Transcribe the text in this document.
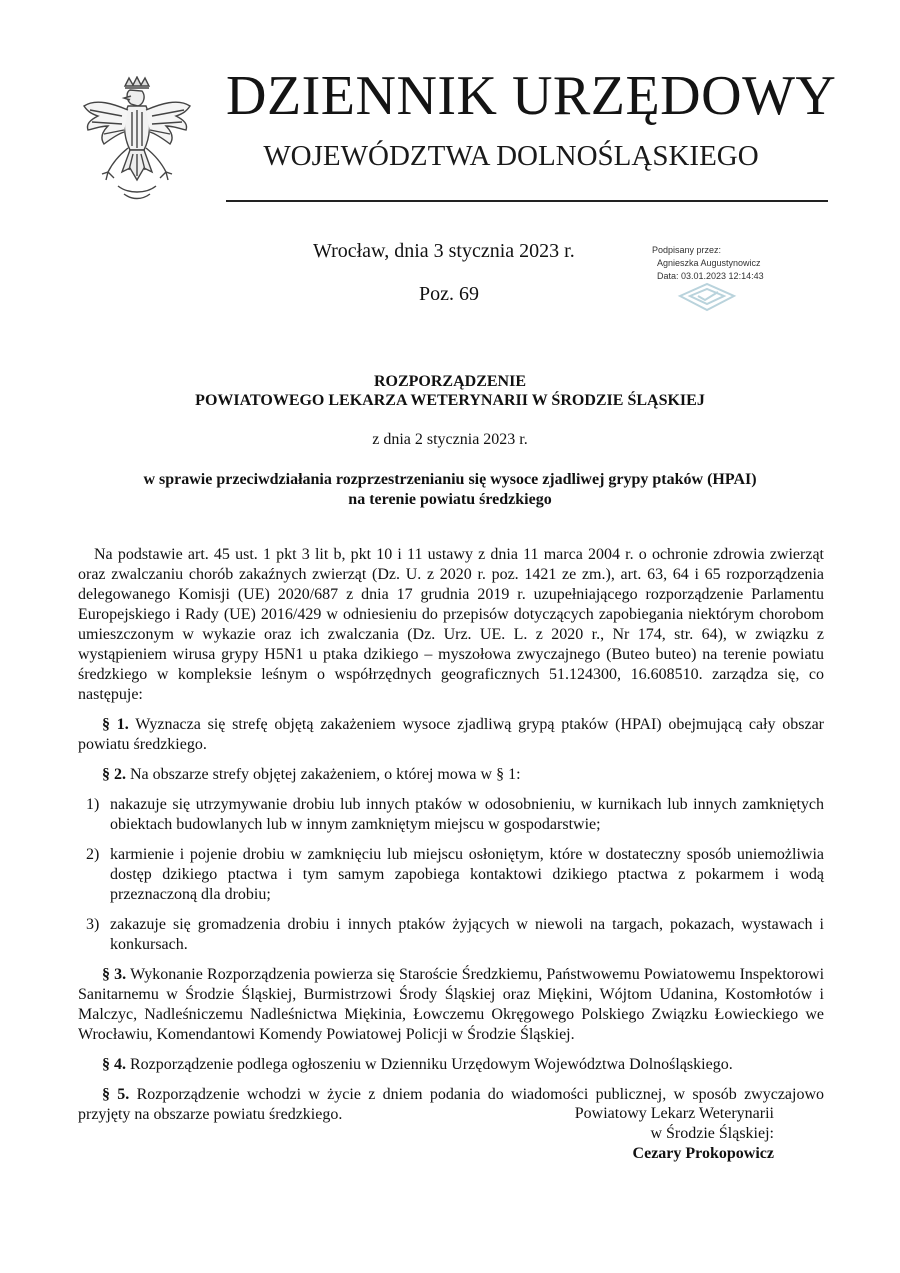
DZIENNIK URZĘDOWY
WOJEWÓDZTWA DOLNOŚLĄSKIEGO
Wrocław, dnia 3 stycznia 2023 r.
Poz. 69
Podpisany przez:
Agnieszka Augustynowicz
Data: 03.01.2023 12:14:43
ROZPORZĄDZENIE
POWIATOWEGO LEKARZA WETERYNARII W ŚRODZIE ŚLĄSKIEJ
z dnia 2 stycznia 2023 r.
w sprawie przeciwdziałania rozprzestrzenianiu się wysoce zjadliwej grypy ptaków (HPAI)
na terenie powiatu średzkiego

Na podstawie art. 45 ust. 1 pkt 3 lit b, pkt 10 i 11 ustawy z dnia 11 marca 2004 r. o ochronie zdrowia zwierząt oraz zwalczaniu chorób zakaźnych zwierząt (Dz. U. z 2020 r. poz. 1421 ze zm.), art. 63, 64 i 65 rozporządzenia delegowanego Komisji (UE) 2020/687 z dnia 17 grudnia 2019 r. uzupełniającego rozporządzenie Parlamentu Europejskiego i Rady (UE) 2016/429 w odniesieniu do przepisów dotyczących zapobiegania niektórym chorobom umieszczonym w wykazie oraz ich zwalczania (Dz. Urz. UE. L. z 2020 r., Nr 174, str. 64), w związku z wystąpieniem wirusa grypy H5N1 u ptaka dzikiego – myszołowa zwyczajnego (Buteo buteo) na terenie powiatu średzkiego w kompleksie leśnym o współrzędnych geograficznych 51.124300, 16.608510. zarządza się, co następuje:

§ 1. Wyznacza się strefę objętą zakażeniem wysoce zjadliwą grypą ptaków (HPAI) obejmującą cały obszar powiatu średzkiego.

§ 2. Na obszarze strefy objętej zakażeniem, o której mowa w § 1:

1) nakazuje się utrzymywanie drobiu lub innych ptaków w odosobnieniu, w kurnikach lub innych zamkniętych obiektach budowlanych lub w innym zamkniętym miejscu w gospodarstwie;
2) karmienie i pojenie drobiu w zamknięciu lub miejscu osłoniętym, które w dostateczny sposób uniemożliwia dostęp dzikiego ptactwa i tym samym zapobiega kontaktowi dzikiego ptactwa z pokarmem i wodą przeznaczoną dla drobiu;
3) zakazuje się gromadzenia drobiu i innych ptaków żyjących w niewoli na targach, pokazach, wystawach i konkursach.

§ 3. Wykonanie Rozporządzenia powierza się Staroście Średzkiemu, Państwowemu Powiatowemu Inspektorowi Sanitarnemu w Środzie Śląskiej, Burmistrzowi Środy Śląskiej oraz Miękini, Wójtom Udanina, Kostomłotów i Malczyc, Nadleśniczemu Nadleśnictwa Miękinia, Łowczemu Okręgowego Polskiego Związku Łowieckiego we Wrocławiu, Komendantowi Komendy Powiatowej Policji w Środzie Śląskiej.

§ 4. Rozporządzenie podlega ogłoszeniu w Dzienniku Urzędowym Województwa Dolnośląskiego.

§ 5. Rozporządzenie wchodzi w życie z dniem podania do wiadomości publicznej, w sposób zwyczajowo przyjęty na obszarze powiatu średzkiego.	Powiatowy Lekarz Weterynarii
w Środzie Śląskiej:
Cezary Prokopowicz
